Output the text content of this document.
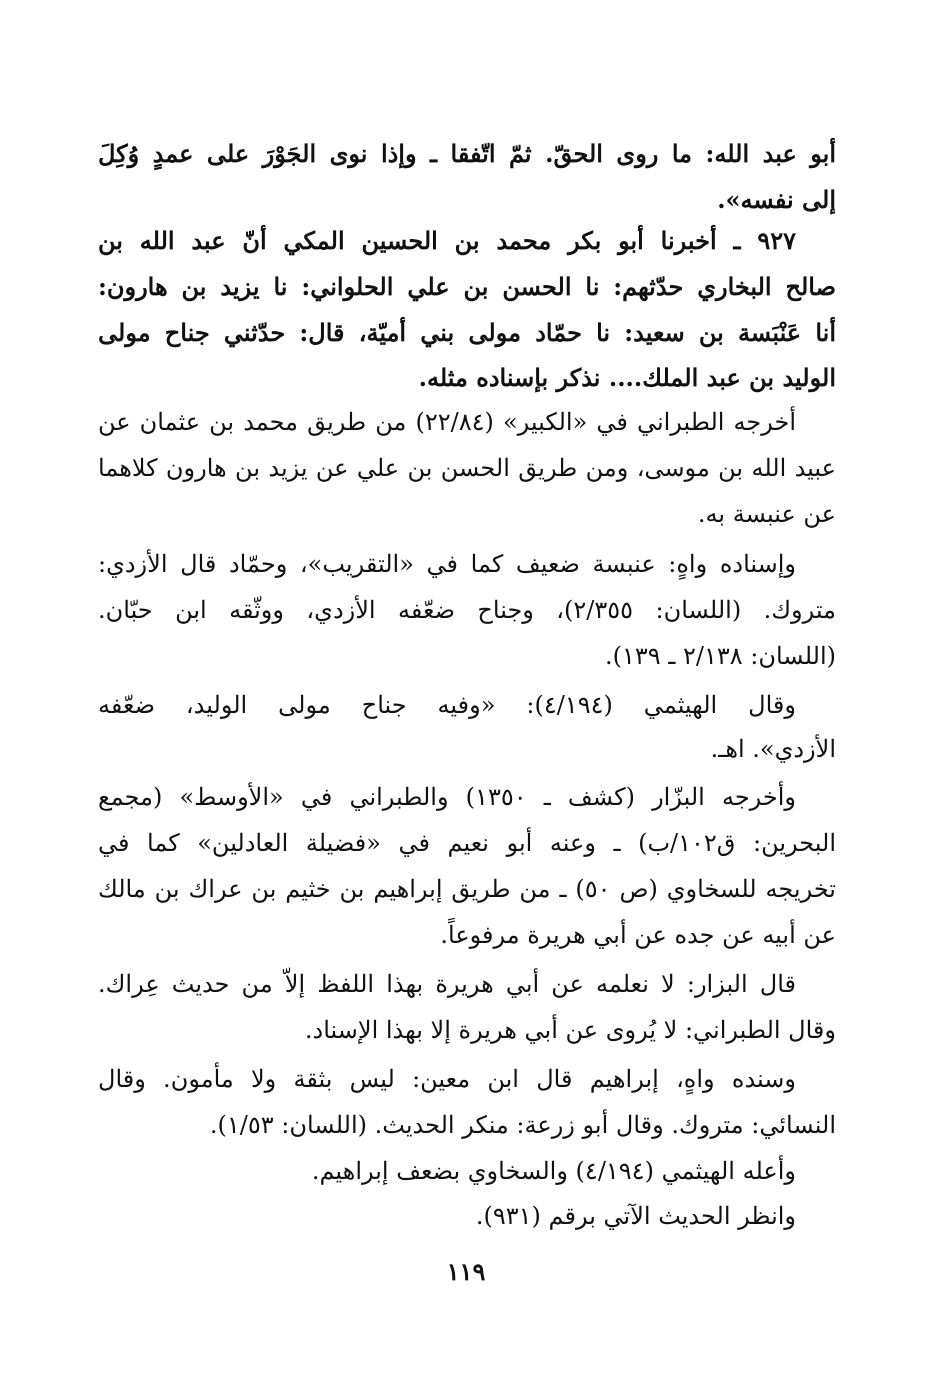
أبو عبد الله: ما روى الحقّ. ثمّ اتّفقا ـ وإذا نوى الجَوْرَ على عمدٍ وُكِلَ
إلى نفسه».
٩٢٧ ـ أخبرنا أبو بكر محمد بن الحسين المكي أنّ عبد الله بن
صالح البخاري حدّثهم: نا الحسن بن علي الحلواني: نا يزيد بن هارون:
أنا عَنْبَسة بن سعيد: نا حمّاد مولى بني أميّة، قال: حدّثني جناح مولى
الوليد بن عبد الملك.... نذكر بإسناده مثله.
أخرجه الطبراني في «الكبير» (٢٢/٨٤) من طريق محمد بن عثمان عن
عبيد الله بن موسى، ومن طريق الحسن بن علي عن يزيد بن هارون كلاهما
عن عنبسة به.
وإسناده واهٍ: عنبسة ضعيف كما في «التقريب»، وحمّاد قال الأزدي:
متروك. (اللسان: ٢/٣٥٥)، وجناح ضعّفه الأزدي، ووثّقه ابن حبّان.
(اللسان: ٢/١٣٨ ـ ١٣٩).
وقال الهيثمي (٤/١٩٤): «وفيه جناح مولى الوليد، ضعّفه
الأزدي». اهـ.
وأخرجه البزّار (كشف ـ ١٣٥٠) والطبراني في «الأوسط» (مجمع
البحرين: ق١٠٢/ب) ـ وعنه أبو نعيم في «فضيلة العادلين» كما في
تخريجه للسخاوي (ص ٥٠) ـ من طريق إبراهيم بن خثيم بن عراك بن مالك
عن أبيه عن جده عن أبي هريرة مرفوعاً.
قال البزار: لا نعلمه عن أبي هريرة بهذا اللفظ إلاّ من حديث عِراك.
وقال الطبراني: لا يُروى عن أبي هريرة إلا بهذا الإسناد.
وسنده واهٍ، إبراهيم قال ابن معين: ليس بثقة ولا مأمون. وقال
النسائي: متروك. وقال أبو زرعة: منكر الحديث. (اللسان: ١/٥٣).
وأعله الهيثمي (٤/١٩٤) والسخاوي بضعف إبراهيم.
وانظر الحديث الآتي برقم (٩٣١).
١١٩
